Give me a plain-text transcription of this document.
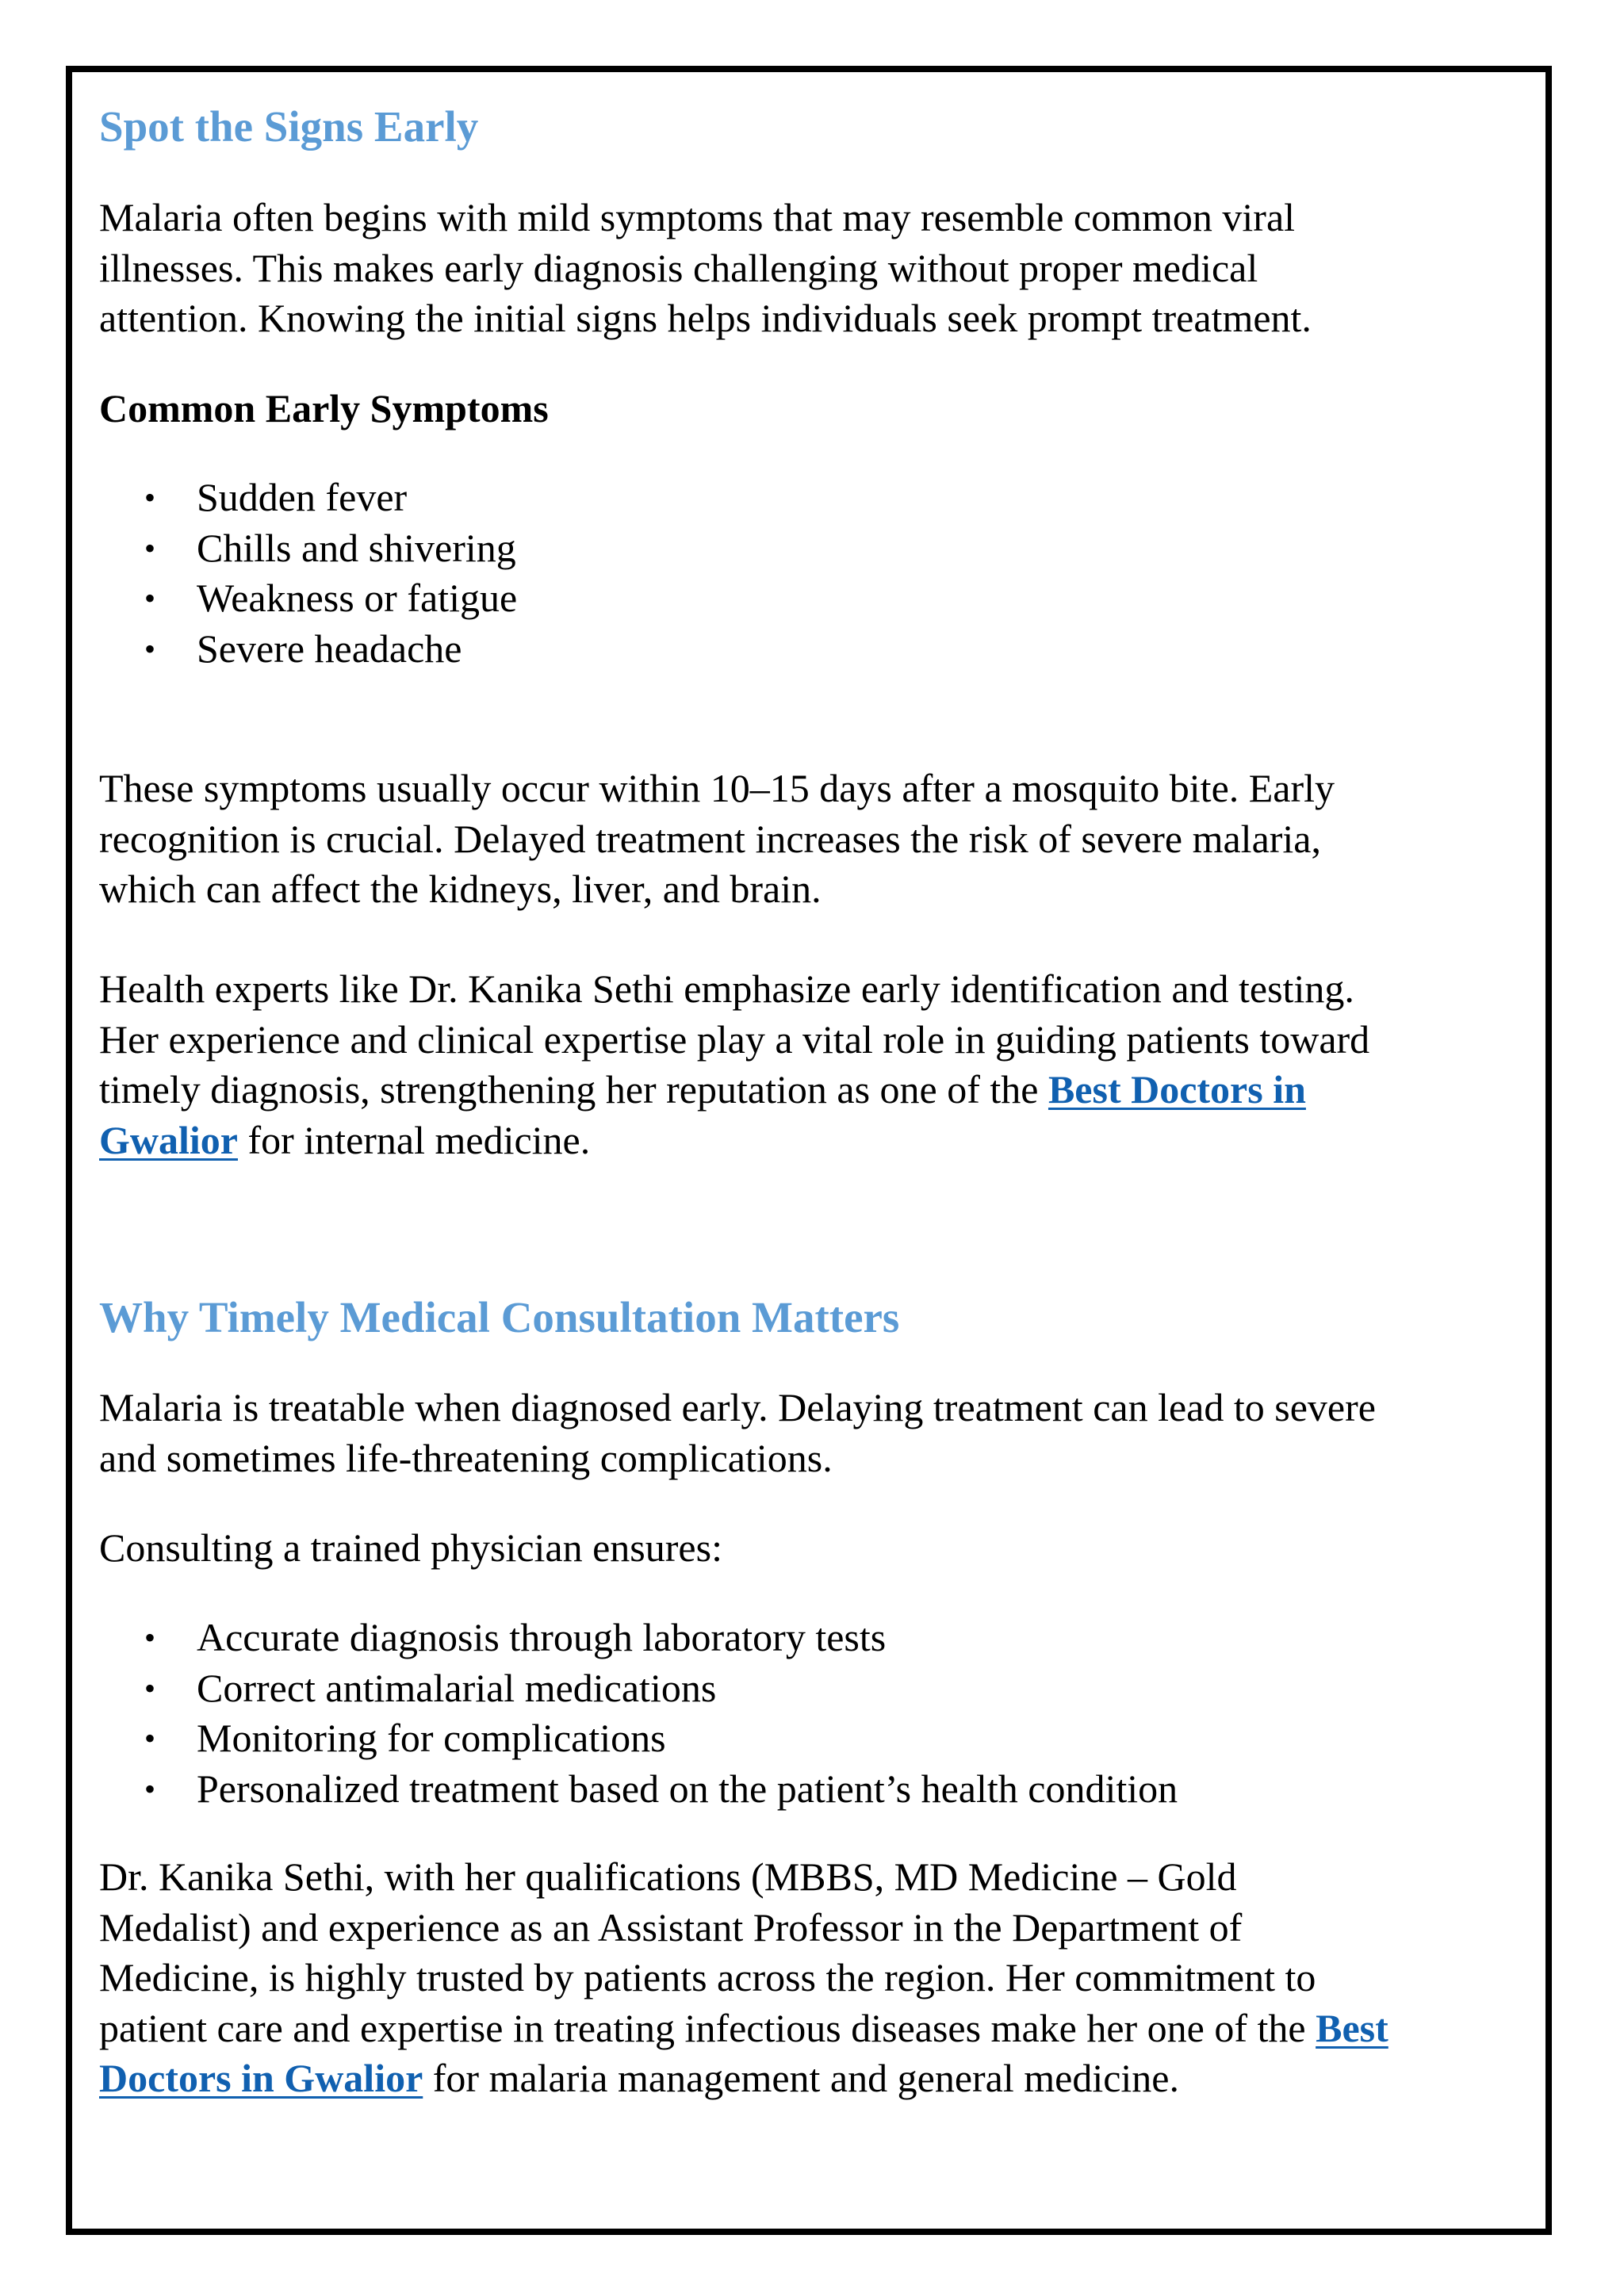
Spot the Signs Early
Malaria often begins with mild symptoms that may resemble common viral
illnesses. This makes early diagnosis challenging without proper medical
attention. Knowing the initial signs helps individuals seek prompt treatment.
Common Early Symptoms
• Sudden fever
• Chills and shivering
• Weakness or fatigue
• Severe headache
These symptoms usually occur within 10–15 days after a mosquito bite. Early
recognition is crucial. Delayed treatment increases the risk of severe malaria,
which can affect the kidneys, liver, and brain.
Health experts like Dr. Kanika Sethi emphasize early identification and testing.
Her experience and clinical expertise play a vital role in guiding patients toward
timely diagnosis, strengthening her reputation as one of the Best Doctors in
Gwalior for internal medicine.
Why Timely Medical Consultation Matters
Malaria is treatable when diagnosed early. Delaying treatment can lead to severe
and sometimes life-threatening complications.
Consulting a trained physician ensures:
• Accurate diagnosis through laboratory tests
• Correct antimalarial medications
• Monitoring for complications
• Personalized treatment based on the patient’s health condition
Dr. Kanika Sethi, with her qualifications (MBBS, MD Medicine – Gold
Medalist) and experience as an Assistant Professor in the Department of
Medicine, is highly trusted by patients across the region. Her commitment to
patient care and expertise in treating infectious diseases make her one of the Best
Doctors in Gwalior for malaria management and general medicine.
